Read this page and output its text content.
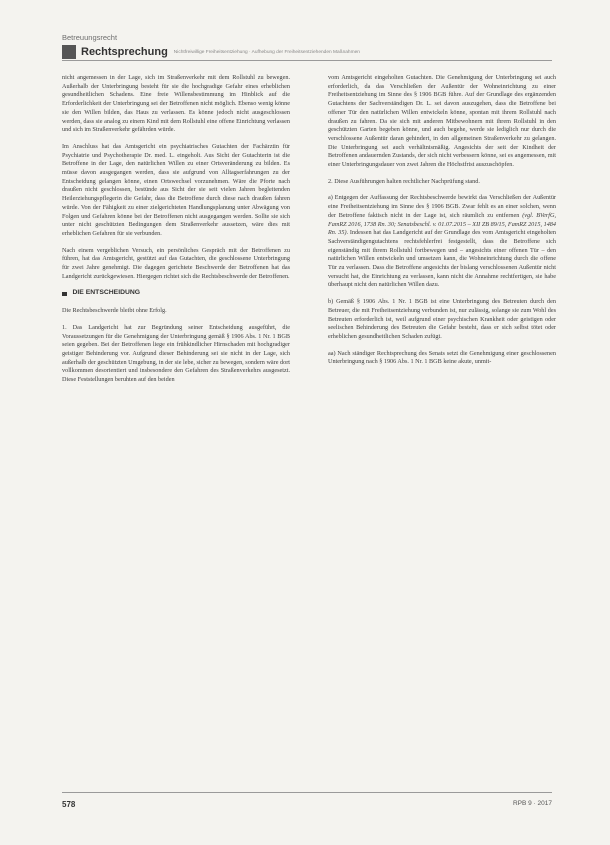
Betreuungsrecht
Rechtsprechung Nichtfreiwillige Freiheitsentziehung · Aufhebung der Freiheitsentziehenden Maßnahmen

nicht angemessen in der Lage, sich im Straßenverkehr mit dem Rollstuhl zu bewegen. Außerhalb der Unterbringung besteht für sie die hochgradige Gefahr eines erheblichen gesundheitlichen Schadens. Eine freie Willensbestimmung im Hinblick auf die Erforderlichkeit der Unterbringung sei der Betroffenen nicht möglich. Ebenso wenig könne sie den Willen bilden, das Haus zu verlassen. Es könne jedoch nicht ausgeschlossen werden, dass sie analog zu einem Kind mit dem Rollstuhl eine offene Einrichtung verlassen und sich im Straßenverkehr gefährden würde.

Im Anschluss hat das Amtsgericht ein psychiatrisches Gutachten der Fachärztin für Psychiatrie und Psychotherapie Dr. med. L. eingeholt. Aus Sicht der Gutachterin ist die Betroffene in der Lage, den natürlichen Willen zu einer Ortsveränderung zu bilden. Es müsse davon ausgegangen werden, dass sie aufgrund von Alltagserfahrungen zu der Entscheidung gelangen könne, einen Ortswechsel vorzunehmen. Wäre die Pforte nach draußen nicht geschlossen, bestünde aus Sicht der sie seit vielen Jahren begleitenden Heilerziehungspflegerin die Gefahr, dass die Betroffene durch diese nach draußen fahren würde. Von der Fähigkeit zu einer zielgerichteten Handlungsplanung unter Abwägung von Folgen und Gefahren könne bei der Betroffenen nicht ausgegangen werden. Sollte sie sich unter nicht geschützten Bedingungen dem Straßenverkehr aussetzen, wäre dies mit erheblichen Gefahren für sie verbunden.

Nach einem vergeblichen Versuch, ein persönliches Gespräch mit der Betroffenen zu führen, hat das Amtsgericht, gestützt auf das Gutachten, die geschlossene Unterbringung für zwei Jahre genehmigt. Die dagegen gerichtete Beschwerde der Betroffenen hat das Landgericht zurückgewiesen. Hiergegen richtet sich die Rechtsbeschwerde der Betroffenen.

DIE ENTSCHEIDUNG

Die Rechtsbeschwerde bleibt ohne Erfolg.

1. Das Landgericht hat zur Begründung seiner Entscheidung ausgeführt, die Voraussetzungen für die Genehmigung der Unterbringung gemäß § 1906 Abs. 1 Nr. 1 BGB seien gegeben. Bei der Betroffenen liege ein frühkindlicher Hirnschaden mit hochgradiger geistiger Behinderung vor. Aufgrund dieser Behinderung sei sie nicht in der Lage, sich außerhalb der geschützten Umgebung, in der sie lebe, sicher zu bewegen, sondern wäre dort vollkommen desorientiert und insbesondere den Gefahren des Straßenverkehrs ausgesetzt. Diese Feststellungen beruhten auf den beiden

vom Amtsgericht eingeholten Gutachten. Die Genehmigung der Unterbringung sei auch erforderlich, da das Verschließen der Außentür der Wohneinrichtung zu einer Freiheitsentziehung im Sinne des § 1906 BGB führe. Auf der Grundlage des ergänzenden Gutachtens der Sachverständigen Dr. L. sei davon auszugehen, dass die Betroffene bei offener Tür den natürlichen Willen entwickeln könne, spontan mit ihrem Rollstuhl nach draußen zu fahren. Da sie sich mit anderen Mitbewohnern mit ihrem Rollstuhl in den geschützten Garten begeben könne, und auch begehe, werde sie lediglich nur durch die verschlossene Außentür daran gehindert, in den allgemeinen Straßenverkehr zu gelangen. Die Unterbringung sei auch verhältnismäßig. Angesichts der seit der Kindheit der Betroffenen andauernden Zustands, der sich nicht verbessern könne, sei es angemessen, mit einer Unterbringungsdauer von zwei Jahren die Höchstfrist auszuschöpfen.

2. Diese Ausführungen halten rechtlicher Nachprüfung stand.

a) Entgegen der Auffassung der Rechtsbeschwerde bewirkt das Verschließen der Außentür eine Freiheitsentziehung im Sinne des § 1906 BGB. Zwar fehlt es an einer solchen, wenn der Betroffene faktisch nicht in der Lage ist, sich räumlich zu entfernen (vgl. BVerfG, FamRZ 2016, 1738 Rn. 30; Senatsbeschl. v. 01.07.2015 – XII ZB 89/15, FamRZ 2015, 1484 Rn. 35). Indessen hat das Landgericht auf der Grundlage des vom Amtsgericht eingeholten Sachverständigengutachtens rechtsfehlerfrei festgestellt, dass die Betroffene sich eigenständig mit ihrem Rollstuhl fortbewegen und – angesichts einer offenen Tür – den natürlichen Willen entwickeln und umsetzen kann, die Wohneinrichtung durch die offene Tür zu verlassen. Dass die Betroffene angesichts der bislang verschlossenen Außentür nicht versucht hat, die Einrichtung zu verlassen, kann nicht die Annahme rechtfertigen, sie habe überhaupt nicht den natürlichen Willen dazu.

b) Gemäß § 1906 Abs. 1 Nr. 1 BGB ist eine Unterbringung des Betreuten durch den Betreuer, die mit Freiheitsentziehung verbunden ist, nur zulässig, solange sie zum Wohl des Betreuten erforderlich ist, weil aufgrund einer psychischen Krankheit oder geistigen oder seelischen Behinderung des Betreuten die Gefahr besteht, dass er sich selbst tötet oder erheblichen gesundheitlichen Schaden zufügt.

aa) Nach ständiger Rechtsprechung des Senats setzt die Genehmigung einer geschlossenen Unterbringung nach § 1906 Abs. 1 Nr. 1 BGB keine akute, unmit-

578	RPB 9 · 2017
